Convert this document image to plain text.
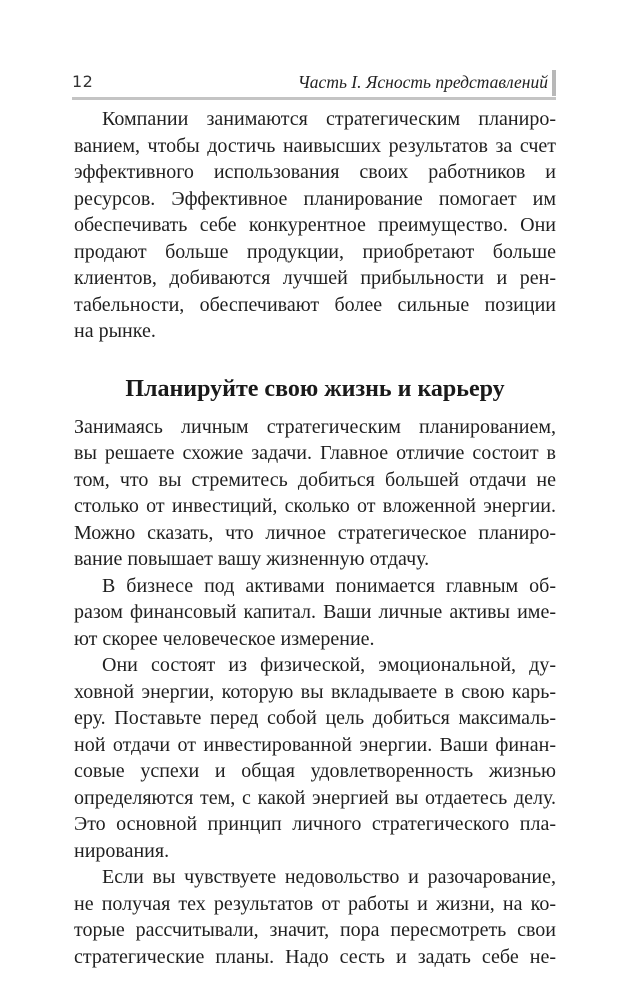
12	Часть I. Ясность представлений

Компании занимаются стратегическим планиро-
ванием, чтобы достичь наивысших результатов за счет
эффективного использования своих работников и
ресурсов. Эффективное планирование помогает им
обеспечивать себе конкурентное преимущество. Они
продают больше продукции, приобретают больше
клиентов, добиваются лучшей прибыльности и рен-
табельности, обеспечивают более сильные позиции
на рынке.

Планируйте свою жизнь и карьеру

Занимаясь личным стратегическим планированием,
вы решаете схожие задачи. Главное отличие состоит в
том, что вы стремитесь добиться большей отдачи не
столько от инвестиций, сколько от вложенной энергии.
Можно сказать, что личное стратегическое планиро-
вание повышает вашу жизненную отдачу.

В бизнесе под активами понимается главным об-
разом финансовый капитал. Ваши личные активы име-
ют скорее человеческое измерение.

Они состоят из физической, эмоциональной, ду-
ховной энергии, которую вы вкладываете в свою карь-
еру. Поставьте перед собой цель добиться максималь-
ной отдачи от инвестированной энергии. Ваши финан-
совые успехи и общая удовлетворенность жизнью
определяются тем, с какой энергией вы отдаетесь делу.
Это основной принцип личного стратегического пла-
нирования.

Если вы чувствуете недовольство и разочарование,
не получая тех результатов от работы и жизни, на ко-
торые рассчитывали, значит, пора пересмотреть свои
стратегические планы. Надо сесть и задать себе не-
